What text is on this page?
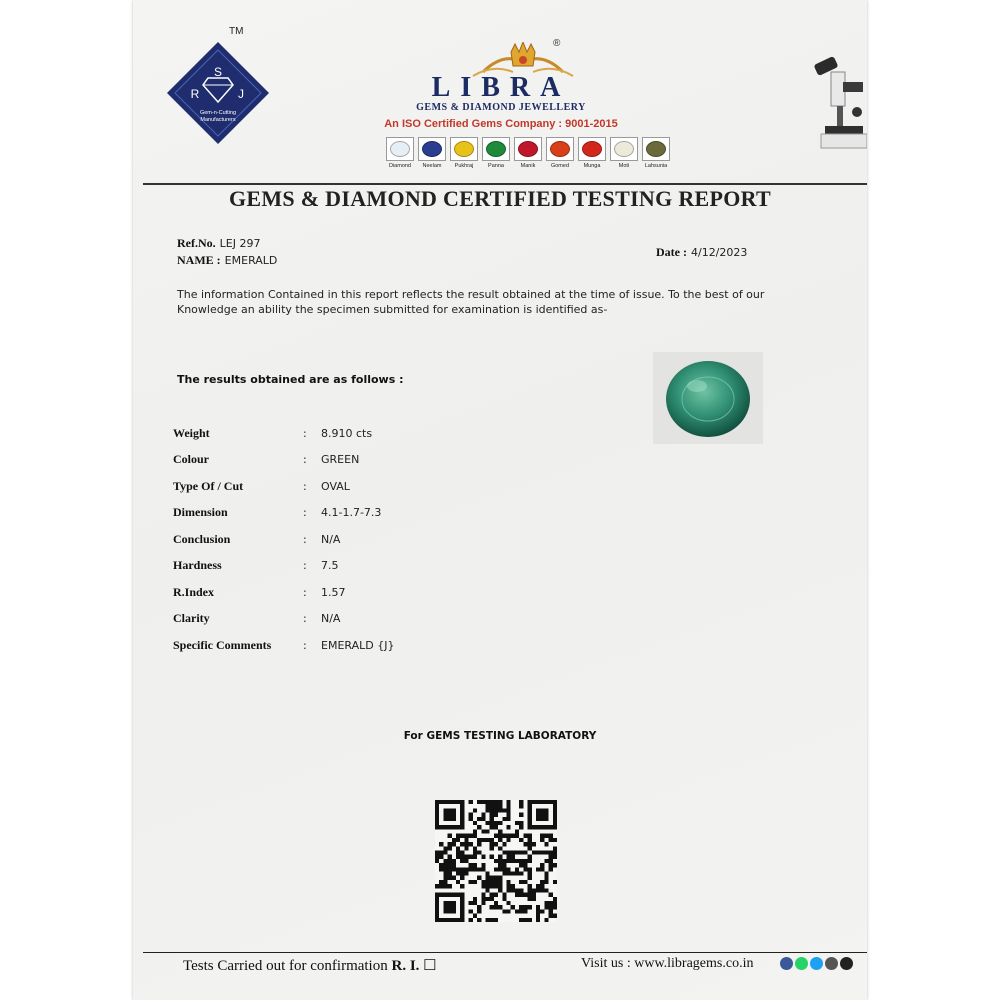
S
R	J
Gem-n-Cutting
Manufacturers
TM
®
LIBRA
GEMS & DIAMOND JEWELLERY
An ISO Certified Gems Company : 9001-2015
Diamond	Neelam	Pukhraj	Panna	Manik	Gomed	Munga	Moti	Lahsunia
GEMS & DIAMOND CERTIFIED TESTING REPORT
Ref.No. LEJ 297
NAME : EMERALD
Date : 4/12/2023
The information Contained in this report reflects the result obtained at the time of issue. To the best of our Knowledge an ability the specimen submitted for examination is identified as-
The results obtained are as follows :
Weight	:	8.910 cts
Colour	:	GREEN
Type Of / Cut	:	OVAL
Dimension	:	4.1-1.7-7.3
Conclusion	:	N/A
Hardness	:	7.5
R.Index	:	1.57
Clarity	:	N/A
Specific Comments	:	EMERALD {J}
For GEMS TESTING LABORATORY
Tests Carried out for confirmation R. I. ☐	Visit us : www.libragems.co.in
